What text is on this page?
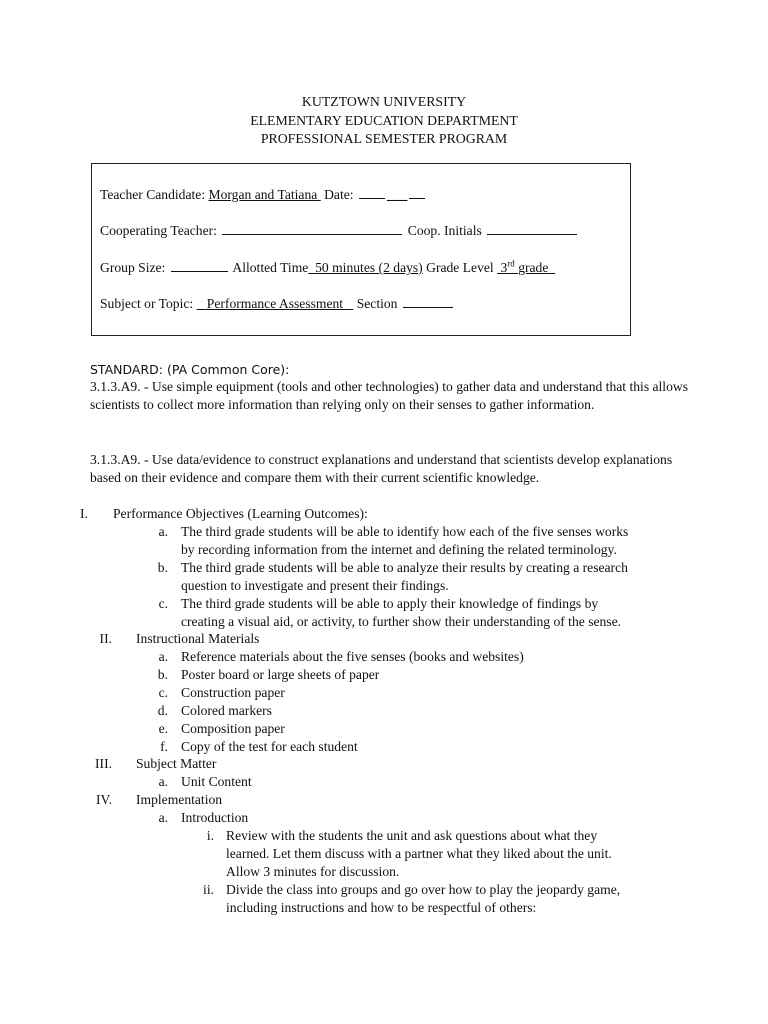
KUTZTOWN UNIVERSITY
ELEMENTARY EDUCATION DEPARTMENT
PROFESSIONAL SEMESTER PROGRAM
Teacher Candidate: Morgan and Tatiana Date: ___
Cooperating Teacher:	Coop. Initials
Group Size:	Allotted Time 50 minutes (2 days) Grade Level 3rd grade
Subject or Topic: Performance Assessment Section
STANDARD: (PA Common Core):
3.1.3.A9. - Use simple equipment (tools and other technologies) to gather data and understand that this allows scientists to collect more information than relying only on their senses to gather information.
3.1.3.A9. - Use data/evidence to construct explanations and understand that scientists develop explanations based on their evidence and compare them with their current scientific knowledge.
I.	Performance Objectives (Learning Outcomes):
a. The third grade students will be able to identify how each of the five senses works
by recording information from the internet and defining the related terminology.
b. The third grade students will be able to analyze their results by creating a research
question to investigate and present their findings.
c. The third grade students will be able to apply their knowledge of findings by
creating a visual aid, or activity, to further show their understanding of the sense.
II. Instructional Materials
a. Reference materials about the five senses (books and websites)
b. Poster board or large sheets of paper
c. Construction paper
d. Colored markers
e. Composition paper
f. Copy of the test for each student
III. Subject Matter
a. Unit Content
IV. Implementation
a. Introduction
i. Review with the students the unit and ask questions about what they
learned. Let them discuss with a partner what they liked about the unit.
Allow 3 minutes for discussion.
ii. Divide the class into groups and go over how to play the jeopardy game,
including instructions and how to be respectful of others:
